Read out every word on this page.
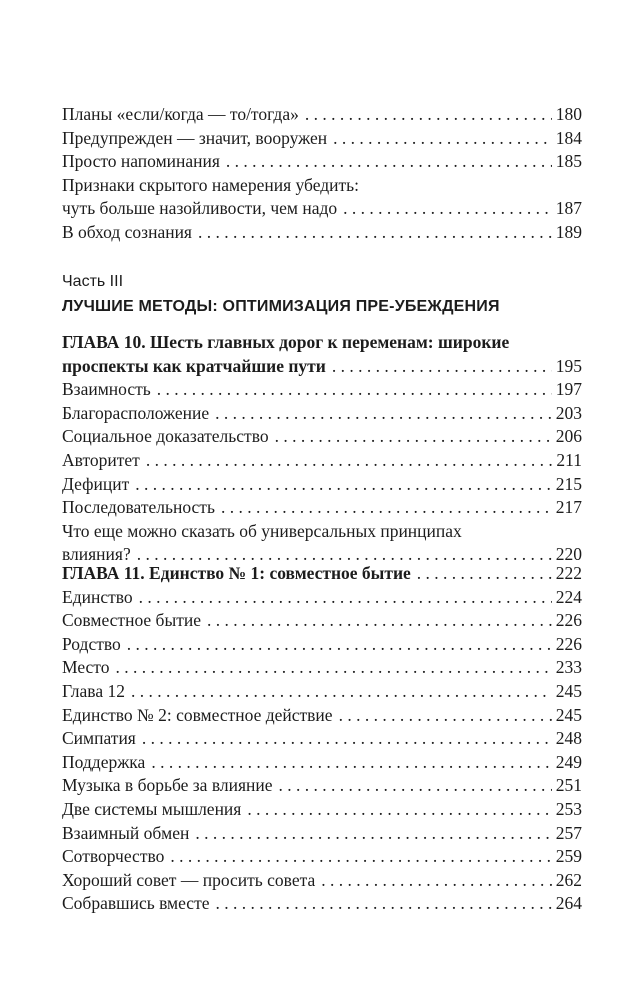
Планы «если/когда — то/тогда» . . .	180
Предупрежден — значит, вооружен . . .	184
Просто напоминания . . .	185
Признаки скрытого намерения убедить:
чуть больше назойливости, чем надо . . .	187
В обход сознания . . .	189
Часть III
ЛУЧШИЕ МЕТОДЫ: ОПТИМИЗАЦИЯ ПРЕ-УБЕЖДЕНИЯ
ГЛАВА 10. Шесть главных дорог к переменам: широкие
проспекты как кратчайшие пути . . .	195
Взаимность . . .	197
Благорасположение . . .	203
Социальное доказательство . . .	206
Авторитет . . .	211
Дефицит . . .	215
Последовательность . . .	217
Что еще можно сказать об универсальных принципах
влияния? . . .	220
ГЛАВА 11. Единство № 1: совместное бытие . . .	222
Единство . . .	224
Совместное бытие . . .	226
Родство . . .	226
Место . . .	233
Глава 12 . . .	245
Единство № 2: совместное действие . . .	245
Симпатия . . .	248
Поддержка . . .	249
Музыка в борьбе за влияние . . .	251
Две системы мышления . . .	253
Взаимный обмен . . .	257
Сотворчество . . .	259
Хороший совет — просить совета . . .	262
Собравшись вместе . . .	264
